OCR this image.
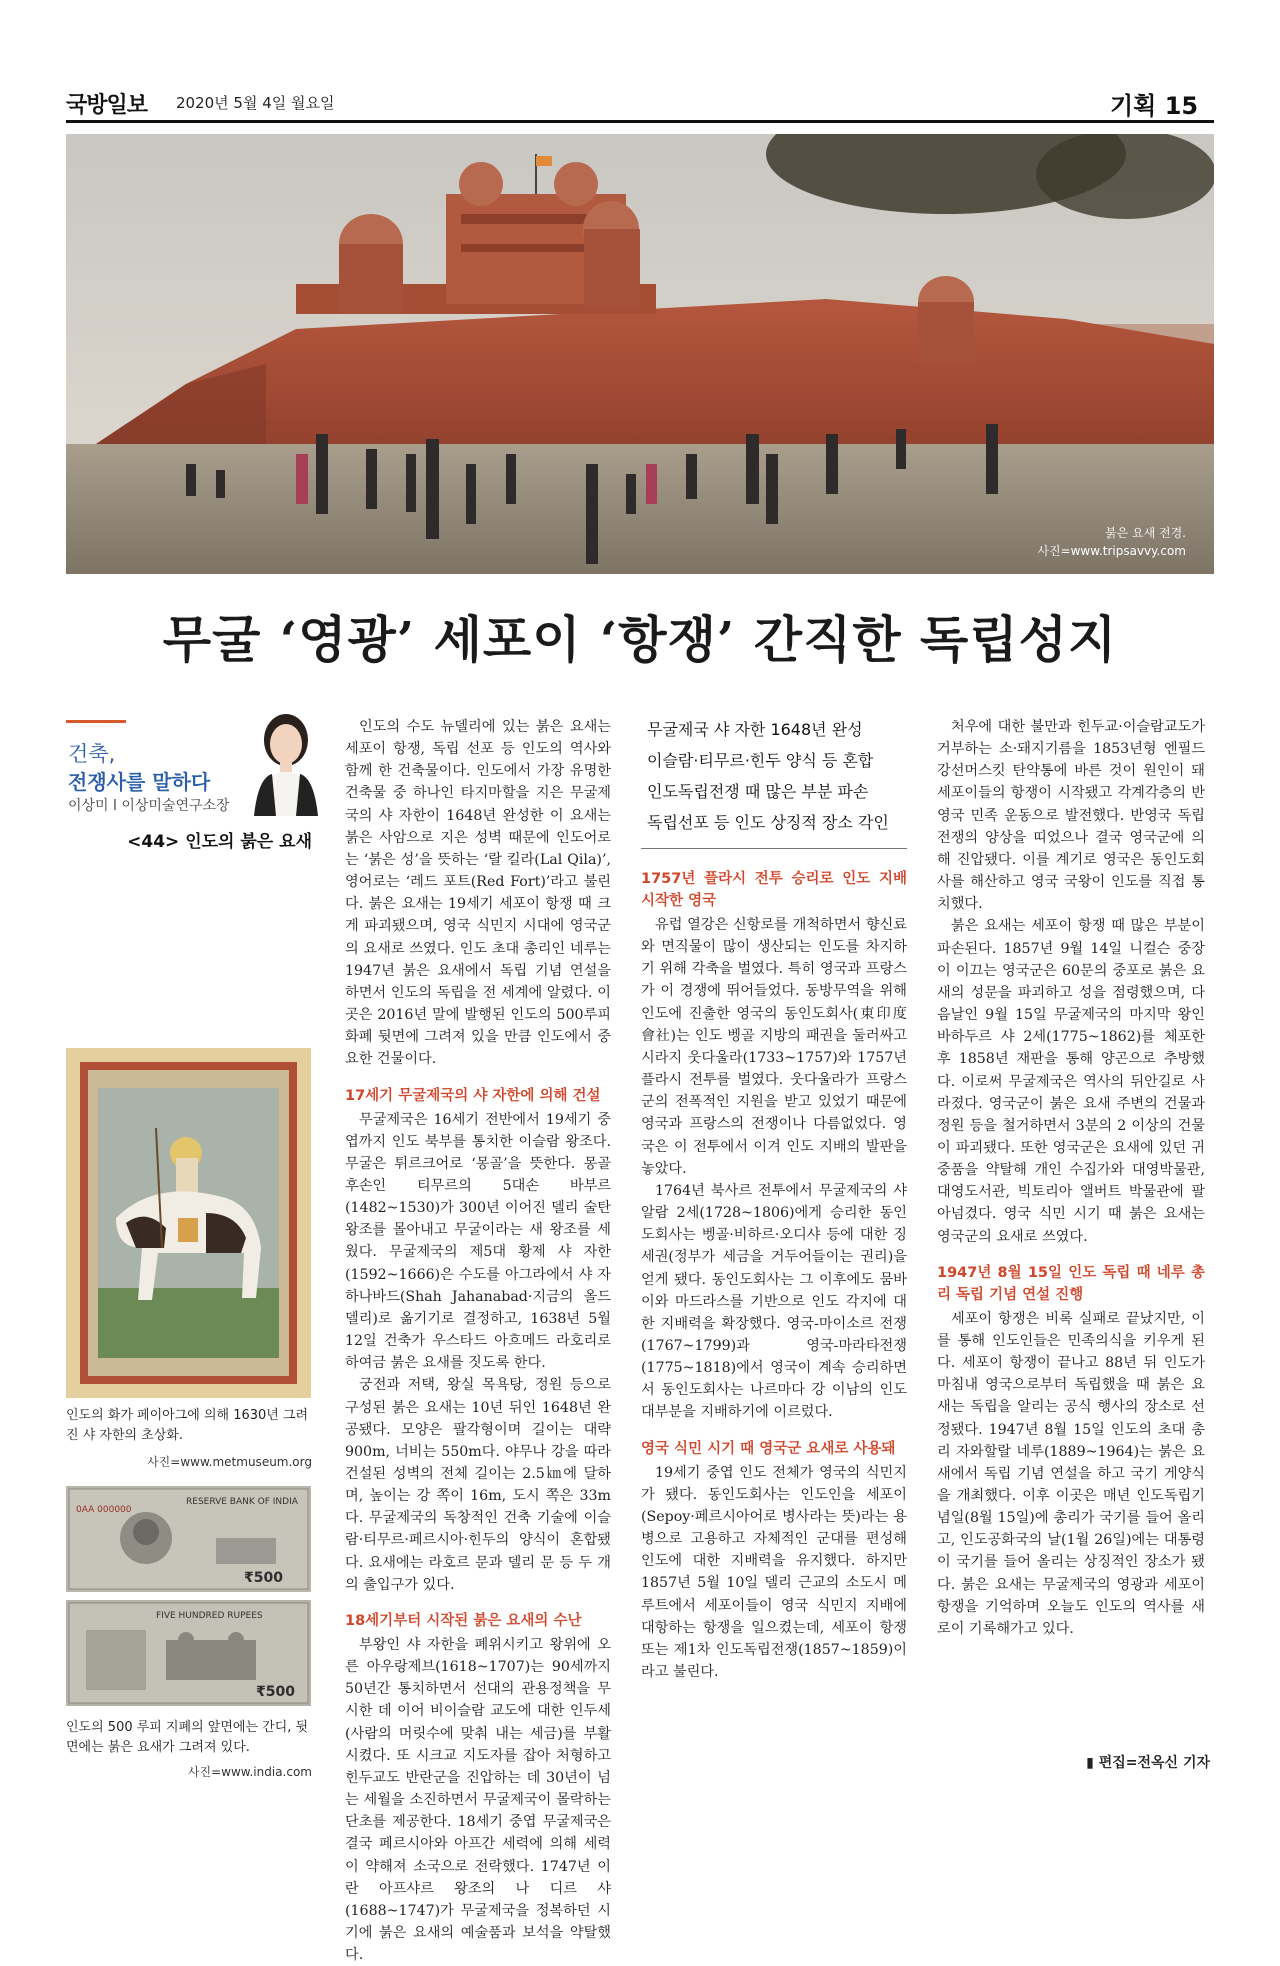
국방일보 2020년 5월 4일 월요일	기획 15
붉은 요새 전경.
사진=www.tripsavvy.com
무굴 ‘영광’ 세포이 ‘항쟁’ 간직한 독립성지
건축,
전쟁사를 말하다
이상미 l 이상미술연구소장
<44> 인도의 붉은 요새
인도의 화가 페이아그에 의해 1630년 그려진 샤 자한의 초상화.
사진=www.metmuseum.org
RESERVE BANK OF INDIA
₹500
0AA 000000
FIVE HUNDRED RUPEES
₹500
인도의 500 루피 지폐의 앞면에는 간디, 뒷면에는 붉은 요새가 그려져 있다.
사진=www.india.com
무굴제국 샤 자한 1648년 완성
이슬람·티무르·힌두 양식 등 혼합
인도독립전쟁 때 많은 부분 파손
독립선포 등 인도 상징적 장소 각인

인도의 수도 뉴델리에 있는 붉은 요새는 세포이 항쟁, 독립 선포 등 인도의 역사와 함께 한 건축물이다. 인도에서 가장 유명한 건축물 중 하나인 타지마할을 지은 무굴제국의 샤 자한이 1648년 완성한 이 요새는 붉은 사암으로 지은 성벽 때문에 인도어로는 ‘붉은 성’을 뜻하는 ‘랄 킬라(Lal Qila)’, 영어로는 ‘레드 포트(Red Fort)’라고 불린다. 붉은 요새는 19세기 세포이 항쟁 때 크게 파괴됐으며, 영국 식민지 시대에 영국군의 요새로 쓰였다. 인도 초대 총리인 네루는 1947년 붉은 요새에서 독립 기념 연설을 하면서 인도의 독립을 전 세계에 알렸다. 이곳은 2016년 말에 발행된 인도의 500루피 화폐 뒷면에 그려져 있을 만큼 인도에서 중요한 건물이다.

17세기 무굴제국의 샤 자한에 의해 건설

무굴제국은 16세기 전반에서 19세기 중엽까지 인도 북부를 통치한 이슬람 왕조다. 무굴은 튀르크어로 ‘몽골’을 뜻한다. 몽골 후손인 티무르의 5대손 바부르(1482~1530)가 300년 이어진 델리 술탄 왕조를 몰아내고 무굴이라는 새 왕조를 세웠다. 무굴제국의 제5대 황제 샤 자한(1592~1666)은 수도를 아그라에서 샤 자하나바드(Shah Jahanabad·지금의 올드 델리)로 옮기기로 결정하고, 1638년 5월 12일 건축가 우스타드 아흐메드 라호리로 하여금 붉은 요새를 짓도록 한다.

궁전과 저택, 왕실 목욕탕, 정원 등으로 구성된 붉은 요새는 10년 뒤인 1648년 완공됐다. 모양은 팔각형이며 길이는 대략 900m, 너비는 550m다. 야무나 강을 따라 건설된 성벽의 전체 길이는 2.5㎞에 달하며, 높이는 강 쪽이 16m, 도시 쪽은 33m다. 무굴제국의 독창적인 건축 기술에 이슬람·티무르·페르시아·힌두의 양식이 혼합됐다. 요새에는 라호르 문과 델리 문 등 두 개의 출입구가 있다.

18세기부터 시작된 붉은 요새의 수난

부왕인 샤 자한을 폐위시키고 왕위에 오른 아우랑제브(1618~1707)는 90세까지 50년간 통치하면서 선대의 관용정책을 무시한 데 이어 비이슬람 교도에 대한 인두세(사람의 머릿수에 맞춰 내는 세금)를 부활시켰다. 또 시크교 지도자를 잡아 처형하고 힌두교도 반란군을 진압하는 데 30년이 넘는 세월을 소진하면서 무굴제국이 몰락하는 단초를 제공한다. 18세기 중엽 무굴제국은 결국 페르시아와 아프간 세력에 의해 세력이 약해져 소국으로 전락했다. 1747년 이란 아프샤르 왕조의 나 디르 샤(1688~1747)가 무굴제국을 정복하던 시기에 붉은 요새의 예술품과 보석을 약탈했다.

1757년 플라시 전투 승리로 인도 지배 시작한 영국

유럽 열강은 신항로를 개척하면서 향신료와 면직물이 많이 생산되는 인도를 차지하기 위해 각축을 벌였다. 특히 영국과 프랑스가 이 경쟁에 뛰어들었다. 동방무역을 위해 인도에 진출한 영국의 동인도회사(東印度會社)는 인도 벵골 지방의 패권을 둘러싸고 시라지 웃다울라(1733~1757)와 1757년 플라시 전투를 벌였다. 웃다울라가 프랑스군의 전폭적인 지원을 받고 있었기 때문에 영국과 프랑스의 전쟁이나 다름없었다. 영국은 이 전투에서 이겨 인도 지배의 발판을 놓았다.

1764년 북사르 전투에서 무굴제국의 샤 알람 2세(1728~1806)에게 승리한 동인도회사는 벵골·비하르·오디샤 등에 대한 징세권(정부가 세금을 거두어들이는 권리)을 얻게 됐다. 동인도회사는 그 이후에도 뭄바이와 마드라스를 기반으로 인도 각지에 대한 지배력을 확장했다. 영국-마이소르 전쟁(1767~1799)과 영국-마라타전쟁(1775~1818)에서 영국이 계속 승리하면서 동인도회사는 나르마다 강 이남의 인도 대부분을 지배하기에 이르렀다.

영국 식민 시기 때 영국군 요새로 사용돼

19세기 중엽 인도 전체가 영국의 식민지가 됐다. 동인도회사는 인도인을 세포이(Sepoy·페르시아어로 병사라는 뜻)라는 용병으로 고용하고 자체적인 군대를 편성해 인도에 대한 지배력을 유지했다. 하지만 1857년 5월 10일 델리 근교의 소도시 메루트에서 세포이들이 영국 식민지 지배에 대항하는 항쟁을 일으켰는데, 세포이 항쟁 또는 제1차 인도독립전쟁(1857~1859)이라고 불린다.

처우에 대한 불만과 힌두교·이슬람교도가 거부하는 소·돼지기름을 1853년형 엔필드 강선머스킷 탄약통에 바른 것이 원인이 돼 세포이들의 항쟁이 시작됐고 각계각층의 반영국 민족 운동으로 발전했다. 반영국 독립전쟁의 양상을 띠었으나 결국 영국군에 의해 진압됐다. 이를 계기로 영국은 동인도회사를 해산하고 영국 국왕이 인도를 직접 통치했다.

붉은 요새는 세포이 항쟁 때 많은 부분이 파손된다. 1857년 9월 14일 니컬슨 중장이 이끄는 영국군은 60문의 중포로 붉은 요새의 성문을 파괴하고 성을 점령했으며, 다음날인 9월 15일 무굴제국의 마지막 왕인 바하두르 샤 2세(1775~1862)를 체포한 후 1858년 재판을 통해 양곤으로 추방했다. 이로써 무굴제국은 역사의 뒤안길로 사라졌다. 영국군이 붉은 요새 주변의 건물과 정원 등을 철거하면서 3분의 2 이상의 건물이 파괴됐다. 또한 영국군은 요새에 있던 귀중품을 약탈해 개인 수집가와 대영박물관, 대영도서관, 빅토리아 앨버트 박물관에 팔아넘겼다. 영국 식민 시기 때 붉은 요새는 영국군의 요새로 쓰였다.

1947년 8월 15일 인도 독립 때 네루 총리 독립 기념 연설 진행

세포이 항쟁은 비록 실패로 끝났지만, 이를 통해 인도인들은 민족의식을 키우게 된다. 세포이 항쟁이 끝나고 88년 뒤 인도가 마침내 영국으로부터 독립했을 때 붉은 요새는 독립을 알리는 공식 행사의 장소로 선정됐다. 1947년 8월 15일 인도의 초대 총리 자와할랄 네루(1889~1964)는 붉은 요새에서 독립 기념 연설을 하고 국기 게양식을 개최했다. 이후 이곳은 매년 인도독립기념일(8월 15일)에 총리가 국기를 들어 올리고, 인도공화국의 날(1월 26일)에는 대통령이 국기를 들어 올리는 상징적인 장소가 됐다. 붉은 요새는 무굴제국의 영광과 세포이 항쟁을 기억하며 오늘도 인도의 역사를 새로이 기록해가고 있다.

▮ 편집=전옥신 기자
